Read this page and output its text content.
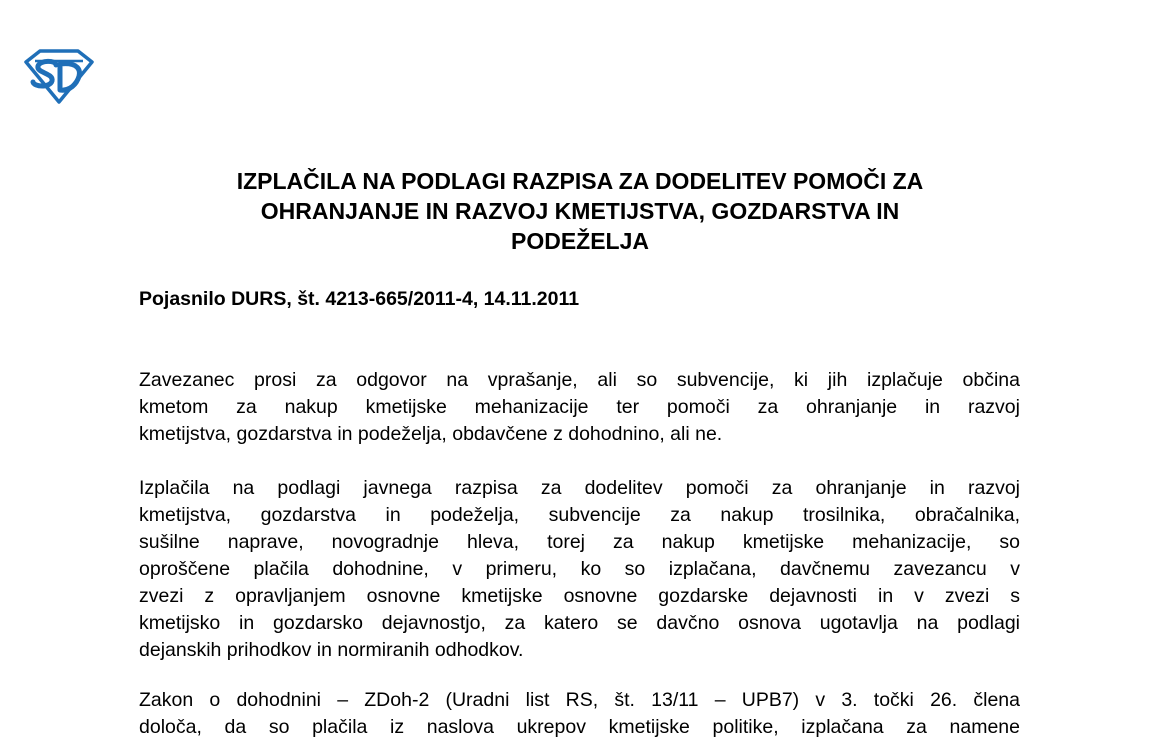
IZPLAČILA NA PODLAGI RAZPISA ZA DODELITEV POMOČI ZA
OHRANJANJE IN RAZVOJ KMETIJSTVA, GOZDARSTVA IN
PODEŽELJA

Pojasnilo DURS, št. 4213-665/2011-4, 14.11.2011

Zavezanec prosi za odgovor na vprašanje, ali so subvencije, ki jih izplačuje občina
kmetom za nakup kmetijske mehanizacije ter pomoči za ohranjanje in razvoj
kmetijstva, gozdarstva in podeželja, obdavčene z dohodnino, ali ne.

Izplačila na podlagi javnega razpisa za dodelitev pomoči za ohranjanje in razvoj
kmetijstva, gozdarstva in podeželja, subvencije za nakup trosilnika, obračalnika,
sušilne naprave, novogradnje hleva, torej za nakup kmetijske mehanizacije, so
oproščene plačila dohodnine, v primeru, ko so izplačana, davčnemu zavezancu v
zvezi z opravljanjem osnovne kmetijske osnovne gozdarske dejavnosti in v zvezi s
kmetijsko in gozdarsko dejavnostjo, za katero se davčno osnova ugotavlja na podlagi
dejanskih prihodkov in normiranih odhodkov.

Zakon o dohodnini – ZDoh-2 (Uradni list RS, št. 13/11 – UPB7) v 3. točki 26. člena
določa, da so plačila iz naslova ukrepov kmetijske politike, izplačana za namene
